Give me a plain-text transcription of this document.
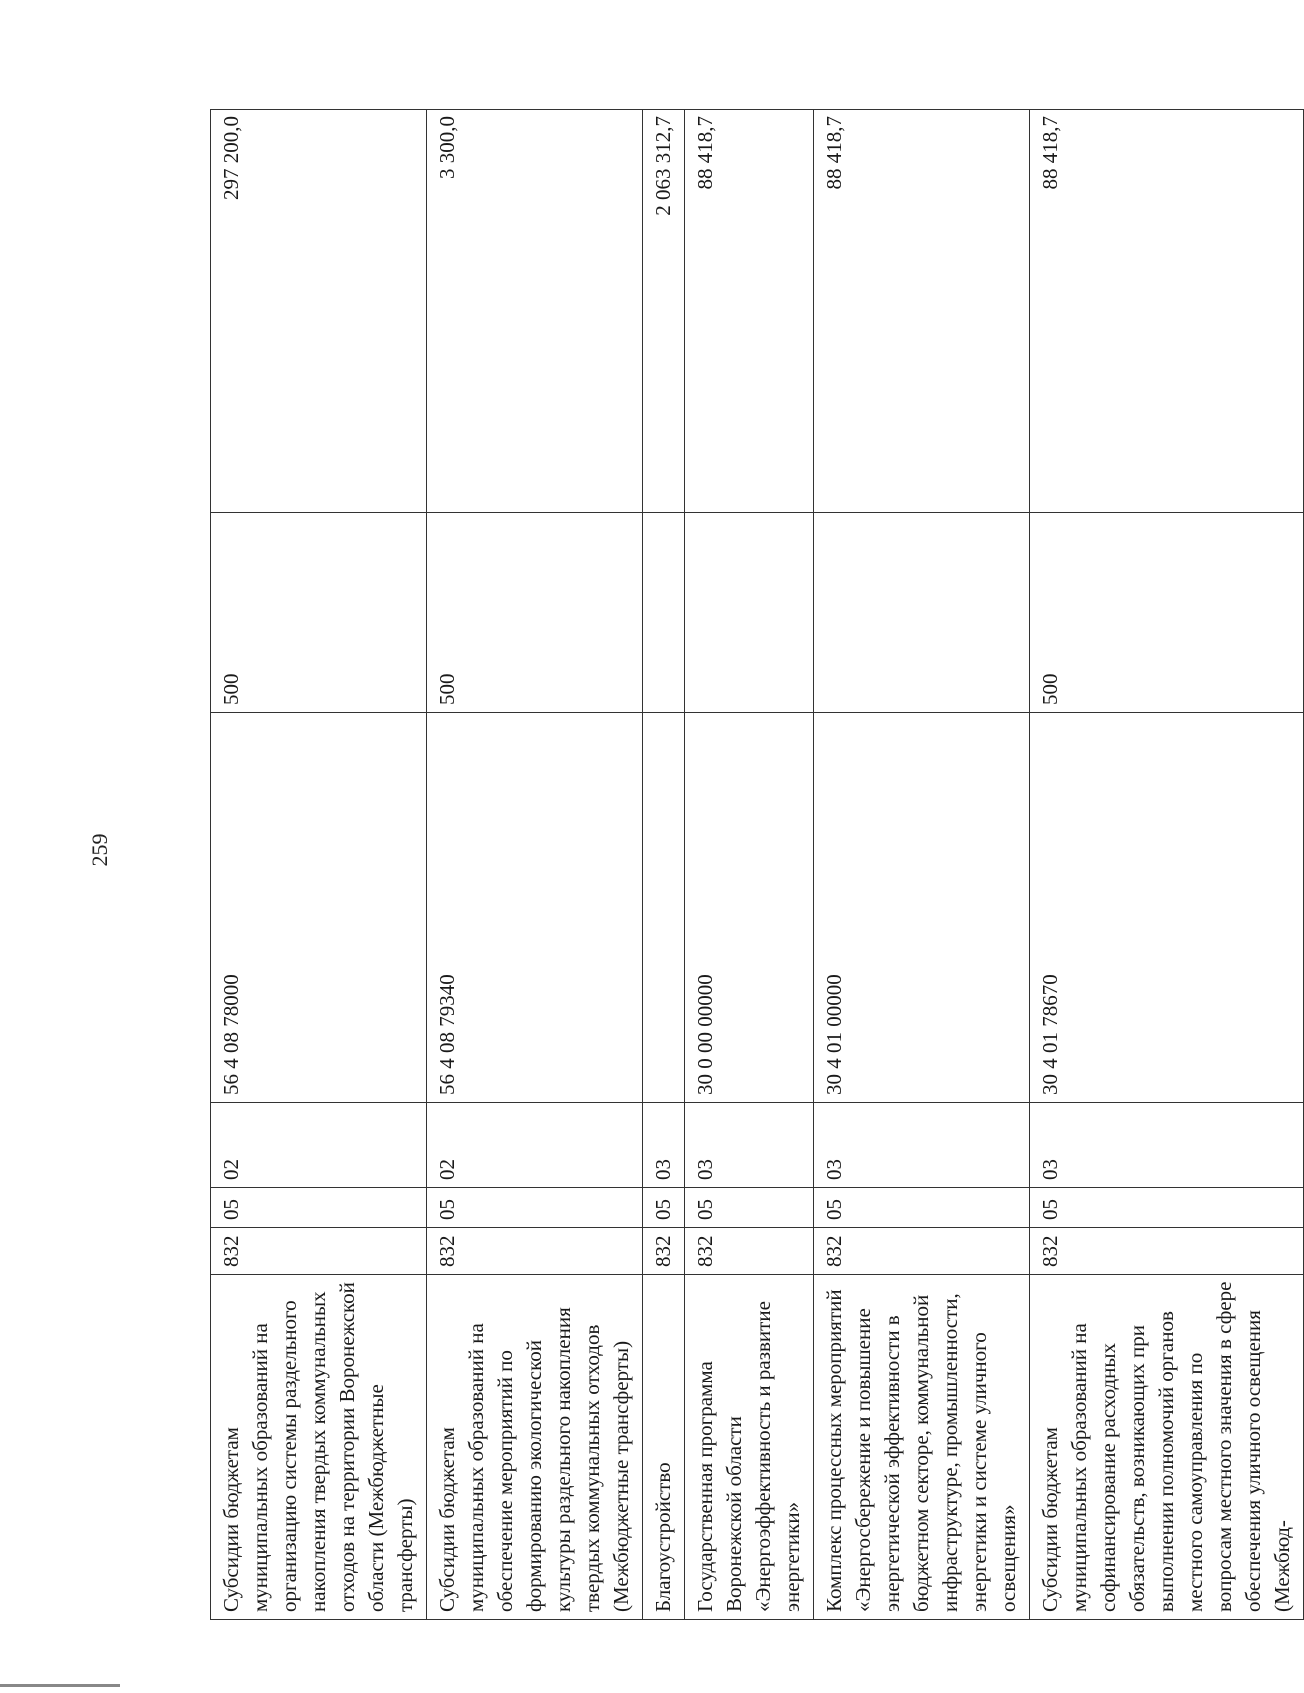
259
Субсидии бюджетам муниципальных образований на организацию системы раздельного накопления твердых коммунальных отходов на территории Воронежской области (Межбюджетные трансферты)	832	05	02	56 4 08 78000	500	297 200,0
Субсидии бюджетам муниципальных образований на обеспечение мероприятий по формированию экологической культуры раздельного накопления твердых коммунальных отходов (Межбюджетные трансферты)	832	05	02	56 4 08 79340	500	3 300,0
Благоустройство	832	05	03			2 063 312,7
Государственная программа Воронежской области «Энергоэффективность и развитие энергетики»	832	05	03	30 0 00 00000		88 418,7
Комплекс процессных мероприятий «Энергосбережение и повышение энергетической эффективности в бюджетном секторе, коммунальной инфраструктуре, промышленности, энергетики и системе уличного освещения»	832	05	03	30 4 01 00000		88 418,7
Субсидии бюджетам муниципальных образований на софинансирование расходных обязательств, возникающих при выполнении полномочий органов местного самоуправления по вопросам местного значения в сфере обеспечения уличного освещения (Межбюд-	832	05	03	30 4 01 78670	500	88 418,7
